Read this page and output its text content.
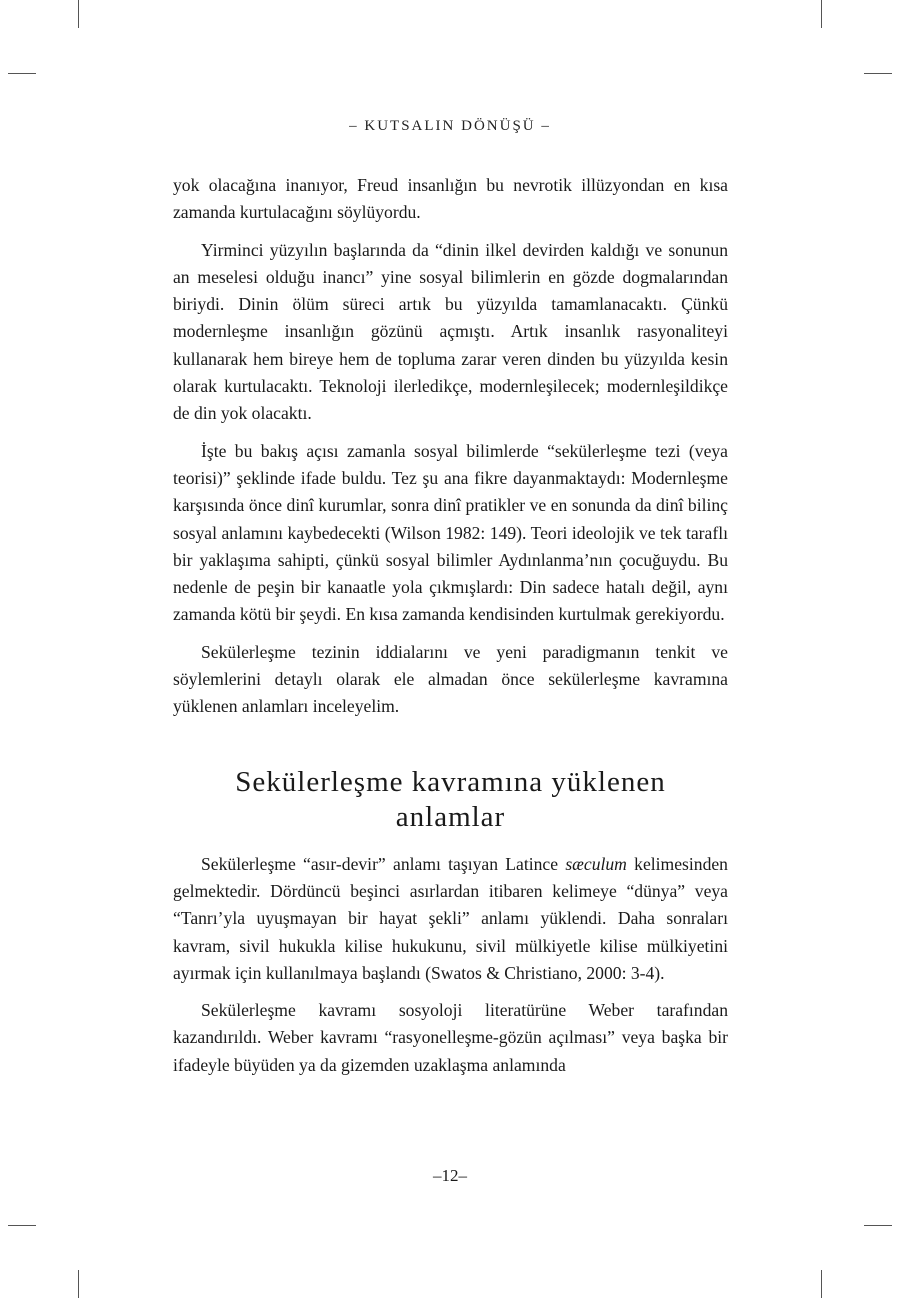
– KUTSALIN DÖNÜŞÜ –

yok olacağına inanıyor, Freud insanlığın bu nevrotik illüzyondan en kısa zamanda kurtulacağını söylüyordu.

Yirminci yüzyılın başlarında da “dinin ilkel devirden kaldığı ve sonunun an meselesi olduğu inancı” yine sosyal bilimlerin en gözde dogmalarından biriydi. Dinin ölüm süreci artık bu yüzyılda tamamlanacaktı. Çünkü modernleşme insanlığın gözünü açmıştı. Artık insanlık rasyonaliteyi kullanarak hem bireye hem de topluma zarar veren dinden bu yüzyılda kesin olarak kurtulacaktı. Teknoloji ilerledikçe, modernleşilecek; modernleşildikçe de din yok olacaktı.

İşte bu bakış açısı zamanla sosyal bilimlerde “sekülerleşme tezi (veya teorisi)” şeklinde ifade buldu. Tez şu ana fikre dayanmaktaydı: Modernleşme karşısında önce dinî kurumlar, sonra dinî pratikler ve en sonunda da dinî bilinç sosyal anlamını kaybedecekti (Wilson 1982: 149). Teori ideolojik ve tek taraflı bir yaklaşıma sahipti, çünkü sosyal bilimler Aydınlanma’nın çocuğuydu. Bu nedenle de peşin bir kanaatle yola çıkmışlardı: Din sadece hatalı değil, aynı zamanda kötü bir şeydi. En kısa zamanda kendisinden kurtulmak gerekiyordu.

Sekülerleşme tezinin iddialarını ve yeni paradigmanın tenkit ve söylemlerini detaylı olarak ele almadan önce sekülerleşme kavramına yüklenen anlamları inceleyelim.

Sekülerleşme kavramına yüklenen anlamlar

Sekülerleşme “asır-devir” anlamı taşıyan Latince sæculum kelimesinden gelmektedir. Dördüncü beşinci asırlardan itibaren kelimeye “dünya” veya “Tanrı’yla uyuşmayan bir hayat şekli” anlamı yüklendi. Daha sonraları kavram, sivil hukukla kilise hukukunu, sivil mülkiyetle kilise mülkiyetini ayırmak için kullanılmaya başlandı (Swatos & Christiano, 2000: 3-4).

Sekülerleşme kavramı sosyoloji literatürüne Weber tarafından kazandırıldı. Weber kavramı “rasyonelleşme-gözün açılması” veya başka bir ifadeyle büyüden ya da gizemden uzaklaşma anlamında

–12–
